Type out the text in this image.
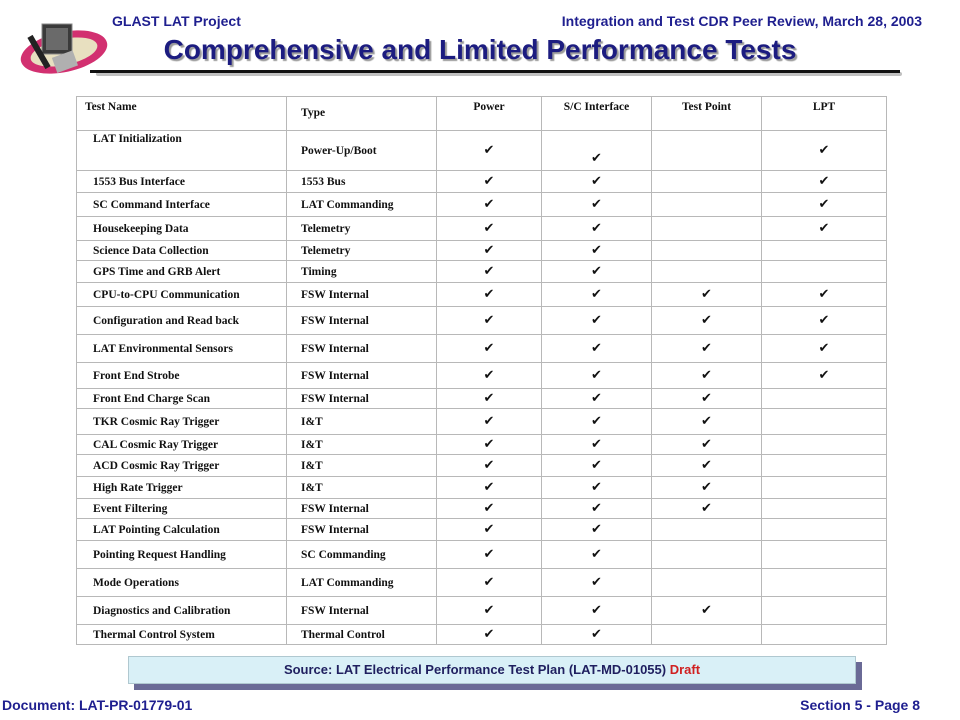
GLAST LAT Project	Integration and Test CDR Peer Review, March 28, 2003
Comprehensive and Limited Performance Tests
Test Name	Type	Power	S/C Interface	Test Point	LPT
LAT Initialization	Power-Up/Boot	✔	✔		✔
1553 Bus Interface	1553 Bus	✔	✔		✔
SC Command Interface	LAT Commanding	✔	✔		✔
Housekeeping Data	Telemetry	✔	✔		✔
Science Data Collection	Telemetry	✔	✔		
GPS Time and GRB Alert	Timing	✔	✔		
CPU-to-CPU Communication	FSW Internal	✔	✔	✔	✔
Configuration and Read back	FSW Internal	✔	✔	✔	✔
LAT Environmental Sensors	FSW Internal	✔	✔	✔	✔
Front End Strobe	FSW Internal	✔	✔	✔	✔
Front End Charge Scan	FSW Internal	✔	✔	✔	
TKR Cosmic Ray Trigger	I&T	✔	✔	✔	
CAL Cosmic Ray Trigger	I&T	✔	✔	✔	
ACD Cosmic Ray Trigger	I&T	✔	✔	✔	
High Rate Trigger	I&T	✔	✔	✔	
Event Filtering	FSW Internal	✔	✔	✔	
LAT Pointing Calculation	FSW Internal	✔	✔		
Pointing Request Handling	SC Commanding	✔	✔		
Mode Operations	LAT Commanding	✔	✔		
Diagnostics and Calibration	FSW Internal	✔	✔	✔	
Thermal Control System	Thermal Control	✔	✔		
Source: LAT Electrical Performance Test Plan (LAT-MD-01055) Draft
Document: LAT-PR-01779-01	Section 5 - Page 8
